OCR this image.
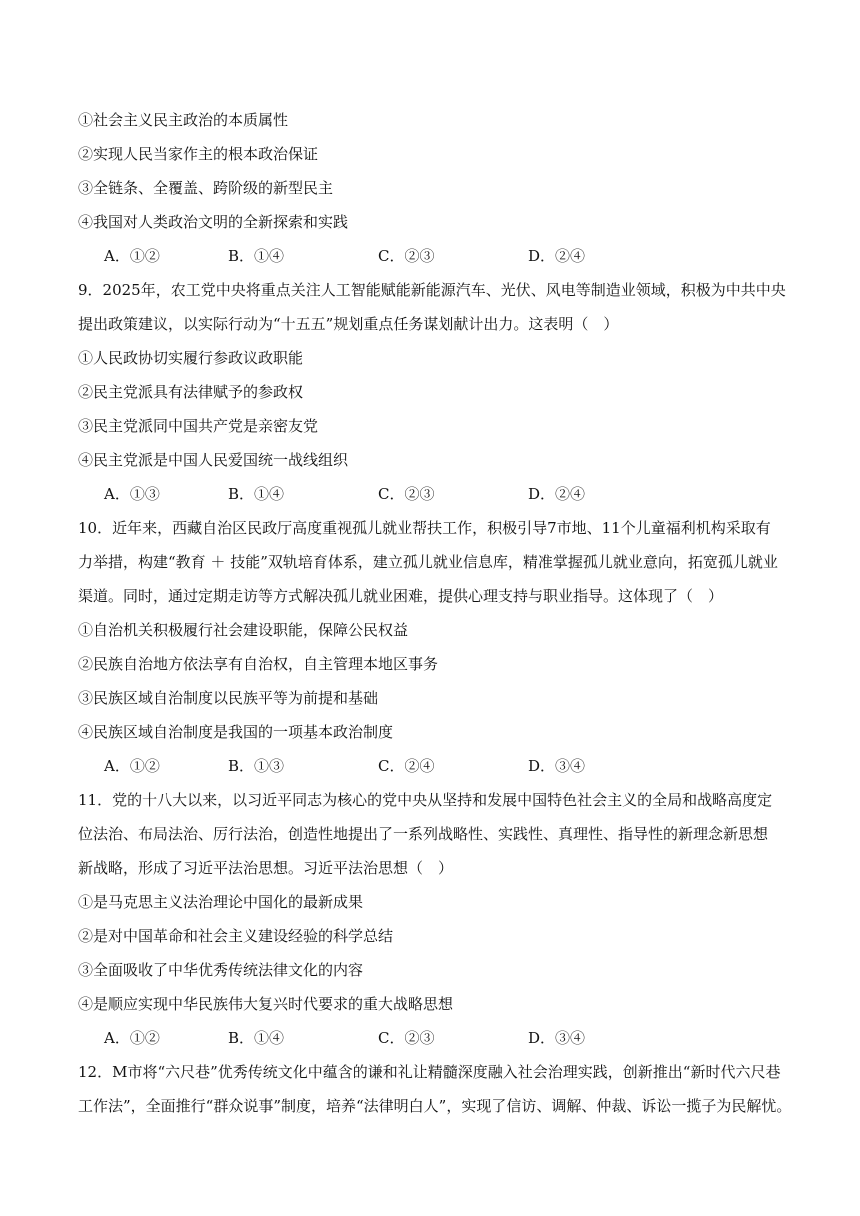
①社会主义民主政治的本质属性
②实现人民当家作主的根本政治保证
③全链条、全覆盖、跨阶级的新型民主
④我国对人类政治文明的全新探索和实践
A．①②	B．①④	C．②③	D．②④
9．2025年，农工党中央将重点关注人工智能赋能新能源汽车、光伏、风电等制造业领域，积极为中共中央
提出政策建议，以实际行动为“十五五”规划重点任务谋划献计出力。这表明（　）
①人民政协切实履行参政议政职能
②民主党派具有法律赋予的参政权
③民主党派同中国共产党是亲密友党
④民主党派是中国人民爱国统一战线组织
A．①③	B．①④	C．②③	D．②④
10．近年来，西藏自治区民政厅高度重视孤儿就业帮扶工作，积极引导7市地、11个儿童福利机构采取有
力举措，构建“教育 ＋ 技能”双轨培育体系，建立孤儿就业信息库，精准掌握孤儿就业意向，拓宽孤儿就业
渠道。同时，通过定期走访等方式解决孤儿就业困难，提供心理支持与职业指导。这体现了（　）
①自治机关积极履行社会建设职能，保障公民权益
②民族自治地方依法享有自治权，自主管理本地区事务
③民族区域自治制度以民族平等为前提和基础
④民族区域自治制度是我国的一项基本政治制度
A．①②	B．①③	C．②④	D．③④
11．党的十八大以来，以习近平同志为核心的党中央从坚持和发展中国特色社会主义的全局和战略高度定
位法治、布局法治、厉行法治，创造性地提出了一系列战略性、实践性、真理性、指导性的新理念新思想
新战略，形成了习近平法治思想。习近平法治思想（　）
①是马克思主义法治理论中国化的最新成果
②是对中国革命和社会主义建设经验的科学总结
③全面吸收了中华优秀传统法律文化的内容
④是顺应实现中华民族伟大复兴时代要求的重大战略思想
A．①②	B．①④	C．②③	D．③④
12．M市将“六尺巷”优秀传统文化中蕴含的谦和礼让精髓深度融入社会治理实践，创新推出“新时代六尺巷
工作法”，全面推行“群众说事”制度，培养“法律明白人”，实现了信访、调解、仲裁、诉讼一揽子为民解忧。
